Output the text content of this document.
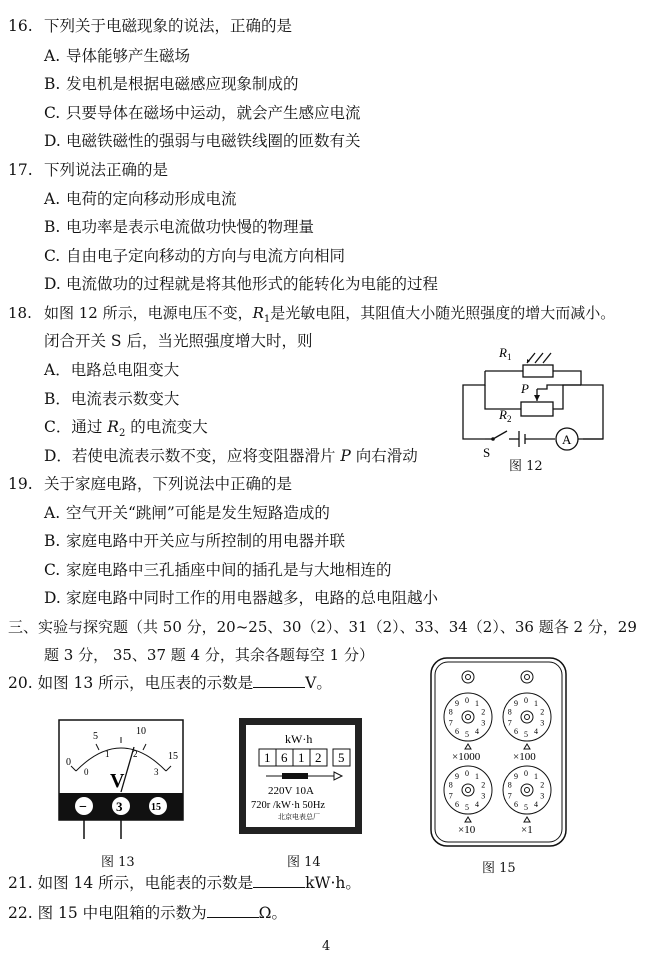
16. 下列关于电磁现象的说法，正确的是
A. 导体能够产生磁场
B. 发电机是根据电磁感应现象制成的
C. 只要导体在磁场中运动，就会产生感应电流
D. 电磁铁磁性的强弱与电磁铁线圈的匝数有关
17. 下列说法正确的是
A. 电荷的定向移动形成电流
B. 电功率是表示电流做功快慢的物理量
C. 自由电子定向移动的方向与电流方向相同
D. 电流做功的过程就是将其他形式的能转化为电能的过程
18. 如图 12 所示，电源电压不变，$R_1$是光敏电阻，其阻值大小随光照强度的增大而减小。
闭合开关 S 后，当光照强度增大时，则
A．电路总电阻变大
B．电流表示数变大
C．通过 $R_2$ 的电流变大
D．若使电流表示数不变，应将变阻器滑片 P 向右滑动
$R_1$
P
$R_2$
S
A
图 12
19. 关于家庭电路，下列说法中正确的是
A. 空气开关“跳闸”可能是发生短路造成的
B. 家庭电路中开关应与所控制的用电器并联
C. 家庭电路中三孔插座中间的插孔是与大地相连的
D. 家庭电路中同时工作的用电器越多，电路的总电阻越小
三、实验与探究题（共 50 分，20~25、30（2）、31（2）、33、34（2）、36 题各 2 分，29
题 3 分， 35、37 题 4 分，其余各题每空 1 分）
20. 如图 13 所示，电压表的示数是	V。
0
5	10
15
0
1	2
3
V
− 3	15
图 13
kW·h
1 6 1 2 5
220V 10A
720r /kW·h 50Hz
北京电表总厂
图 14
0 1
2
3
4
5
6
7
8
9	0 1
2
3
4
5
6
7
8
9
0 1
2
3
4
5
6
7
8
9	0 1
2
3
4
5
6
7
8
9
×1000	×100
×10	×1
图 15
21. 如图 14 所示，电能表的示数是	kW·h。
22. 图 15 中电阻箱的示数为	Ω。
4
